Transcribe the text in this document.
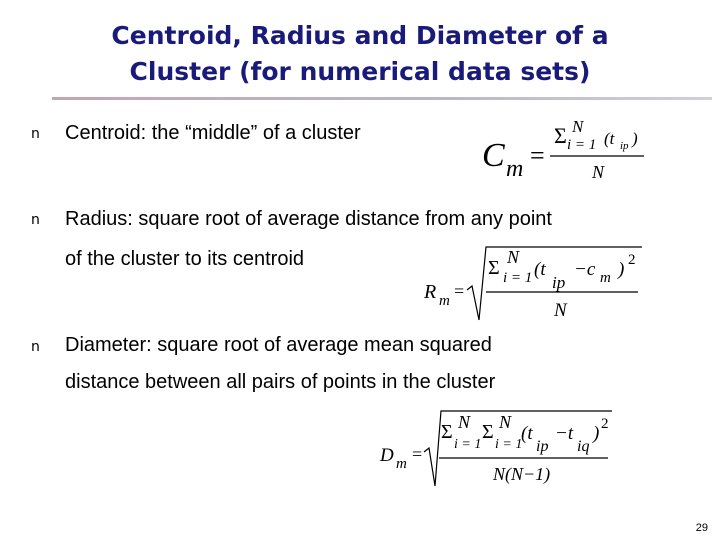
Centroid, Radius and Diameter of a
Cluster (for numerical data sets)
n Centroid: the “middle” of a cluster
n Radius: square root of average distance from any point
of the cluster to its centroid
n Diameter: square root of average mean squared
distance between all pairs of points in the cluster
C m =
Σ N
i = 1 (t ip )
N
R m =
Σ N
i = 1 (t
ip
−c m ) 2
N
D m =
Σ N
i = 1
Σ N
i = 1
(t
ip
−t
iq
) 2
N(N−1)
29
